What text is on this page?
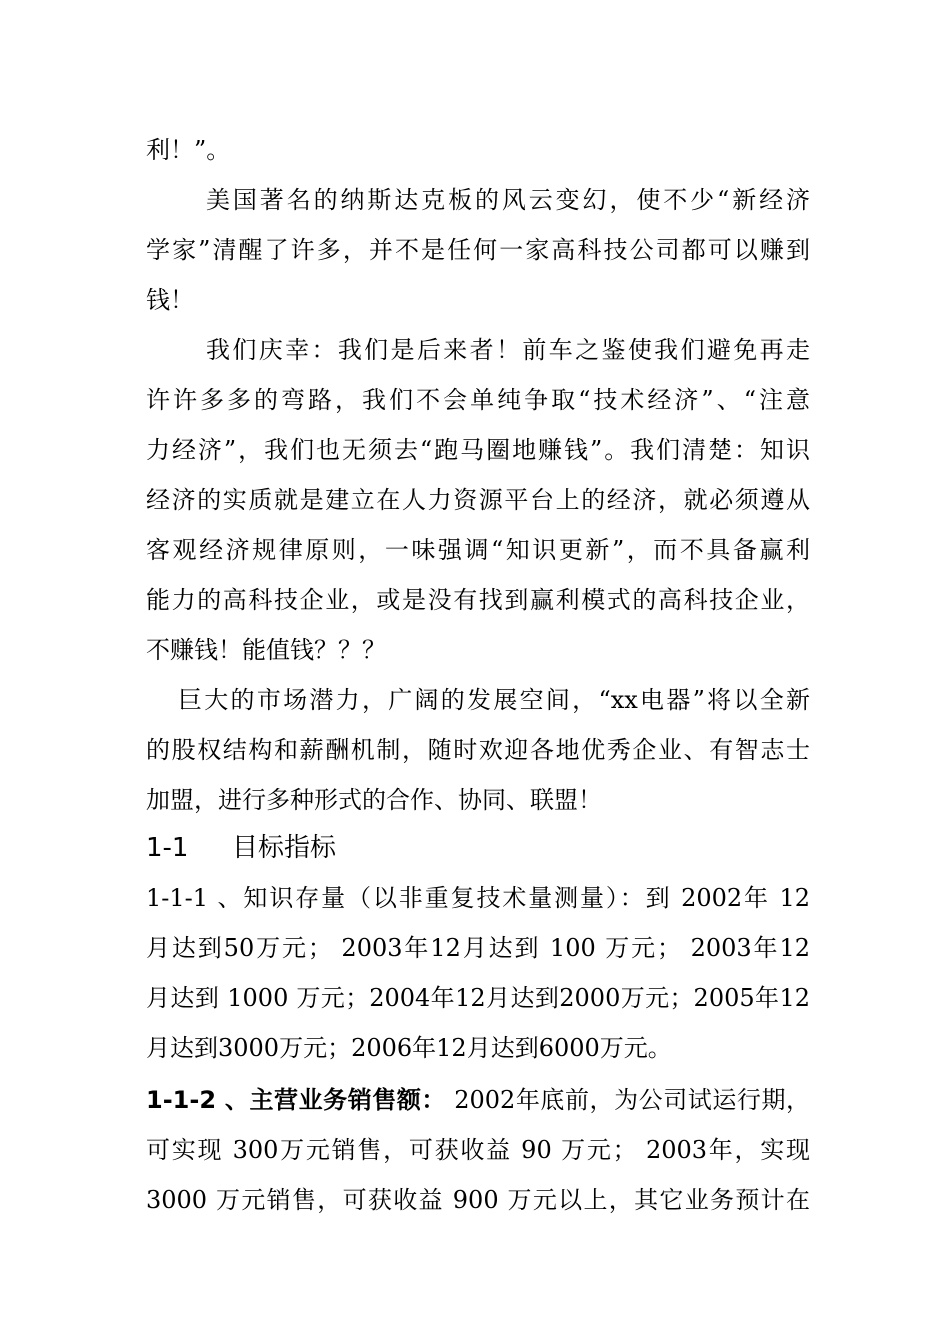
利！”。
美国著名的纳斯达克板的风云变幻，使不少“新经济
学家”清醒了许多，并不是任何一家高科技公司都可以赚到
钱！
我们庆幸：我们是后来者！前车之鉴使我们避免再走
许许多多的弯路，我们不会单纯争取“技术经济”、“注意
力经济”，我们也无须去“跑马圈地赚钱”。我们清楚：知识
经济的实质就是建立在人力资源平台上的经济，就必须遵从
客观经济规律原则，一味强调“知识更新”，而不具备赢利
能力的高科技企业，或是没有找到赢利模式的高科技企业，
不赚钱！能值钱？？？
巨大的市场潜力，广阔的发展空间，“xx电器”将以全新
的股权结构和薪酬机制，随时欢迎各地优秀企业、有智志士
加盟，进行多种形式的合作、协同、联盟！
1-1 目标指标
1-1-1 、知识存量（以非重复技术量测量）：到 2002年 12
月达到50万元； 2003年12月达到 100 万元； 2003年12
月达到 1000 万元；2004年12月达到2000万元；2005年12
月达到3000万元；2006年12月达到6000万元。
1-1-2 、主营业务销售额： 2002年底前，为公司试运行期，
可实现 300万元销售，可获收益 90 万元； 2003年，实现
3000 万元销售，可获收益 900 万元以上，其它业务预计在
